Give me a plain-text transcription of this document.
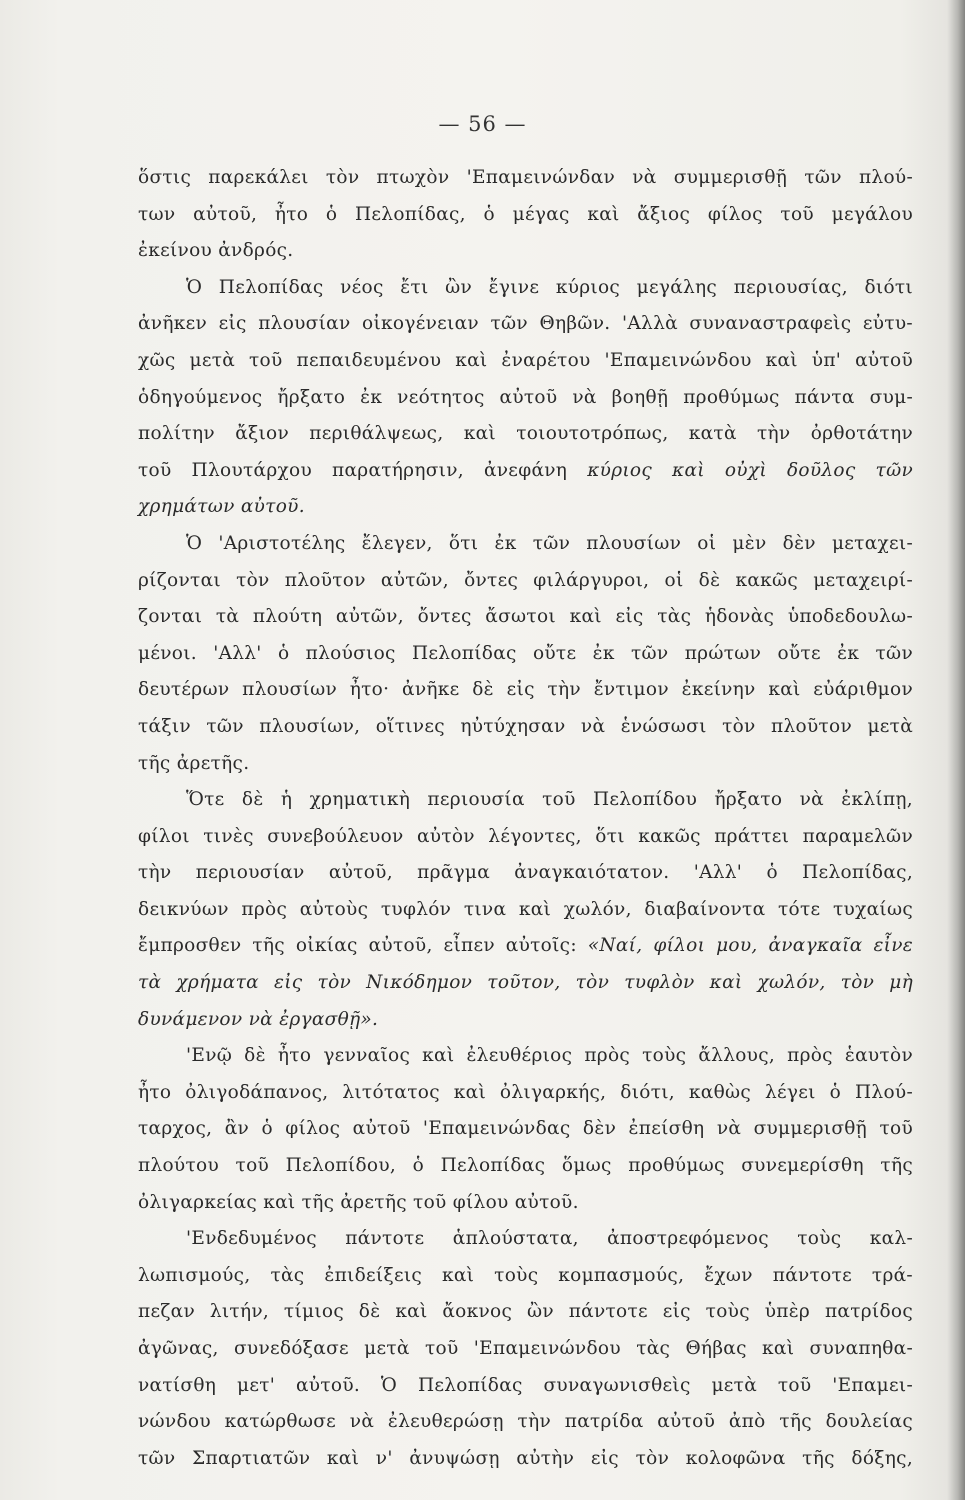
— 56 —
ὅστις παρεκάλει τὸν πτωχὸν 'Επαμεινώνδαν νὰ συμμερισθῇ τῶν πλού-
των αὐτοῦ, ἦτο ὁ Πελοπίδας, ὁ μέγας καὶ ἄξιος φίλος τοῦ μεγάλου
ἐκείνου ἀνδρός.
Ὁ Πελοπίδας νέος ἔτι ὢν ἔγινε κύριος μεγάλης περιουσίας, διότι
ἀνῆκεν εἰς πλουσίαν οἰκογένειαν τῶν Θηβῶν. 'Αλλὰ συναναστραφεὶς εὐτυ-
χῶς μετὰ τοῦ πεπαιδευμένου καὶ ἐναρέτου 'Επαμεινώνδου καὶ ὑπ' αὐτοῦ
ὁδηγούμενος ἤρξατο ἐκ νεότητος αὐτοῦ νὰ βοηθῇ προθύμως πάντα συμ-
πολίτην ἄξιον περιθάλψεως, καὶ τοιουτοτρόπως, κατὰ τὴν ὀρθοτάτην
τοῦ Πλουτάρχου παρατήρησιν, ἀνεφάνη κύριος καὶ οὐχὶ δοῦλος τῶν
χρημάτων αὐτοῦ.
Ὁ 'Αριστοτέλης ἔλεγεν, ὅτι ἐκ τῶν πλουσίων οἱ μὲν δὲν μεταχει-
ρίζονται τὸν πλοῦτον αὐτῶν, ὄντες φιλάργυροι, οἱ δὲ κακῶς μεταχειρί-
ζονται τὰ πλούτη αὐτῶν, ὄντες ἄσωτοι καὶ εἰς τὰς ἡδονὰς ὑποδεδουλω-
μένοι. 'Αλλ' ὁ πλούσιος Πελοπίδας οὔτε ἐκ τῶν πρώτων οὔτε ἐκ τῶν
δευτέρων πλουσίων ἦτο· ἀνῆκε δὲ εἰς τὴν ἔντιμον ἐκείνην καὶ εὐάριθμον
τάξιν τῶν πλουσίων, οἵτινες ηὐτύχησαν νὰ ἑνώσωσι τὸν πλοῦτον μετὰ
τῆς ἀρετῆς.
Ὅτε δὲ ἡ χρηματικὴ περιουσία τοῦ Πελοπίδου ἤρξατο νὰ ἐκλίπῃ,
φίλοι τινὲς συνεβούλευον αὐτὸν λέγοντες, ὅτι κακῶς πράττει παραμελῶν
τὴν περιουσίαν αὐτοῦ, πρᾶγμα ἀναγκαιότατον. 'Αλλ' ὁ Πελοπίδας,
δεικνύων πρὸς αὐτοὺς τυφλόν τινα καὶ χωλόν, διαβαίνοντα τότε τυχαίως
ἔμπροσθεν τῆς οἰκίας αὐτοῦ, εἶπεν αὐτοῖς: «Ναί, φίλοι μου, ἀναγκαῖα εἶνε
τὰ χρήματα εἰς τὸν Νικόδημον τοῦτον, τὸν τυφλὸν καὶ χωλόν, τὸν μὴ
δυνάμενον νὰ ἐργασθῇ».
'Ενῷ δὲ ἦτο γενναῖος καὶ ἐλευθέριος πρὸς τοὺς ἄλλους, πρὸς ἑαυτὸν
ἦτο ὀλιγοδάπανος, λιτότατος καὶ ὀλιγαρκής, διότι, καθὼς λέγει ὁ Πλού-
ταρχος, ἂν ὁ φίλος αὐτοῦ 'Επαμεινώνδας δὲν ἐπείσθη νὰ συμμερισθῇ τοῦ
πλούτου τοῦ Πελοπίδου, ὁ Πελοπίδας ὅμως προθύμως συνεμερίσθη τῆς
ὀλιγαρκείας καὶ τῆς ἀρετῆς τοῦ φίλου αὐτοῦ.
'Ενδεδυμένος πάντοτε ἁπλούστατα, ἀποστρεφόμενος τοὺς καλ-
λωπισμούς, τὰς ἐπιδείξεις καὶ τοὺς κομπασμούς, ἔχων πάντοτε τρά-
πεζαν λιτήν, τίμιος δὲ καὶ ἄοκνος ὢν πάντοτε εἰς τοὺς ὑπὲρ πατρίδος
ἀγῶνας, συνεδόξασε μετὰ τοῦ 'Επαμεινώνδου τὰς Θήβας καὶ συναπηθα-
νατίσθη μετ' αὐτοῦ. Ὁ Πελοπίδας συναγωνισθεὶς μετὰ τοῦ 'Επαμει-
νώνδου κατώρθωσε νὰ ἐλευθερώσῃ τὴν πατρίδα αὐτοῦ ἀπὸ τῆς δουλείας
τῶν Σπαρτιατῶν καὶ ν' ἀνυψώσῃ αὐτὴν εἰς τὸν κολοφῶνα τῆς δόξης,
